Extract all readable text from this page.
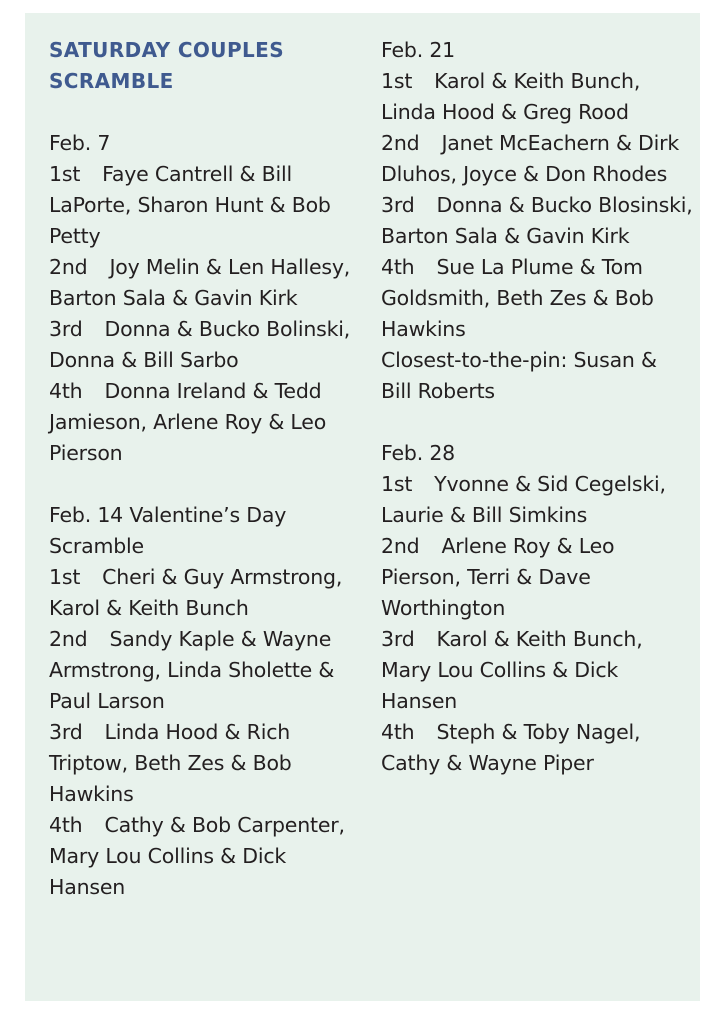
SATURDAY COUPLES SCRAMBLE
Feb. 7
1st Faye Cantrell & Bill LaPorte, Sharon Hunt & Bob Petty
2nd Joy Melin & Len Hallesy, Barton Sala & Gavin Kirk
3rd Donna & Bucko Bolinski, Donna & Bill Sarbo
4th Donna Ireland & Tedd Jamieson, Arlene Roy & Leo Pierson
Feb. 14 Valentine’s Day Scramble
1st Cheri & Guy Armstrong, Karol & Keith Bunch
2nd Sandy Kaple & Wayne Armstrong, Linda Sholette & Paul Larson
3rd Linda Hood & Rich Triptow, Beth Zes & Bob Hawkins
4th Cathy & Bob Carpenter, Mary Lou Collins & Dick Hansen
Feb. 21
1st Karol & Keith Bunch, Linda Hood & Greg Rood
2nd Janet McEachern & Dirk Dluhos, Joyce & Don Rhodes
3rd Donna & Bucko Blosinski, Barton Sala & Gavin Kirk
4th Sue La Plume & Tom Goldsmith, Beth Zes & Bob Hawkins
Closest-to-the-pin: Susan & Bill Roberts
Feb. 28
1st Yvonne & Sid Cegelski, Laurie & Bill Simkins
2nd Arlene Roy & Leo Pierson, Terri & Dave Worthington
3rd Karol & Keith Bunch, Mary Lou Collins & Dick Hansen
4th Steph & Toby Nagel, Cathy & Wayne Piper
